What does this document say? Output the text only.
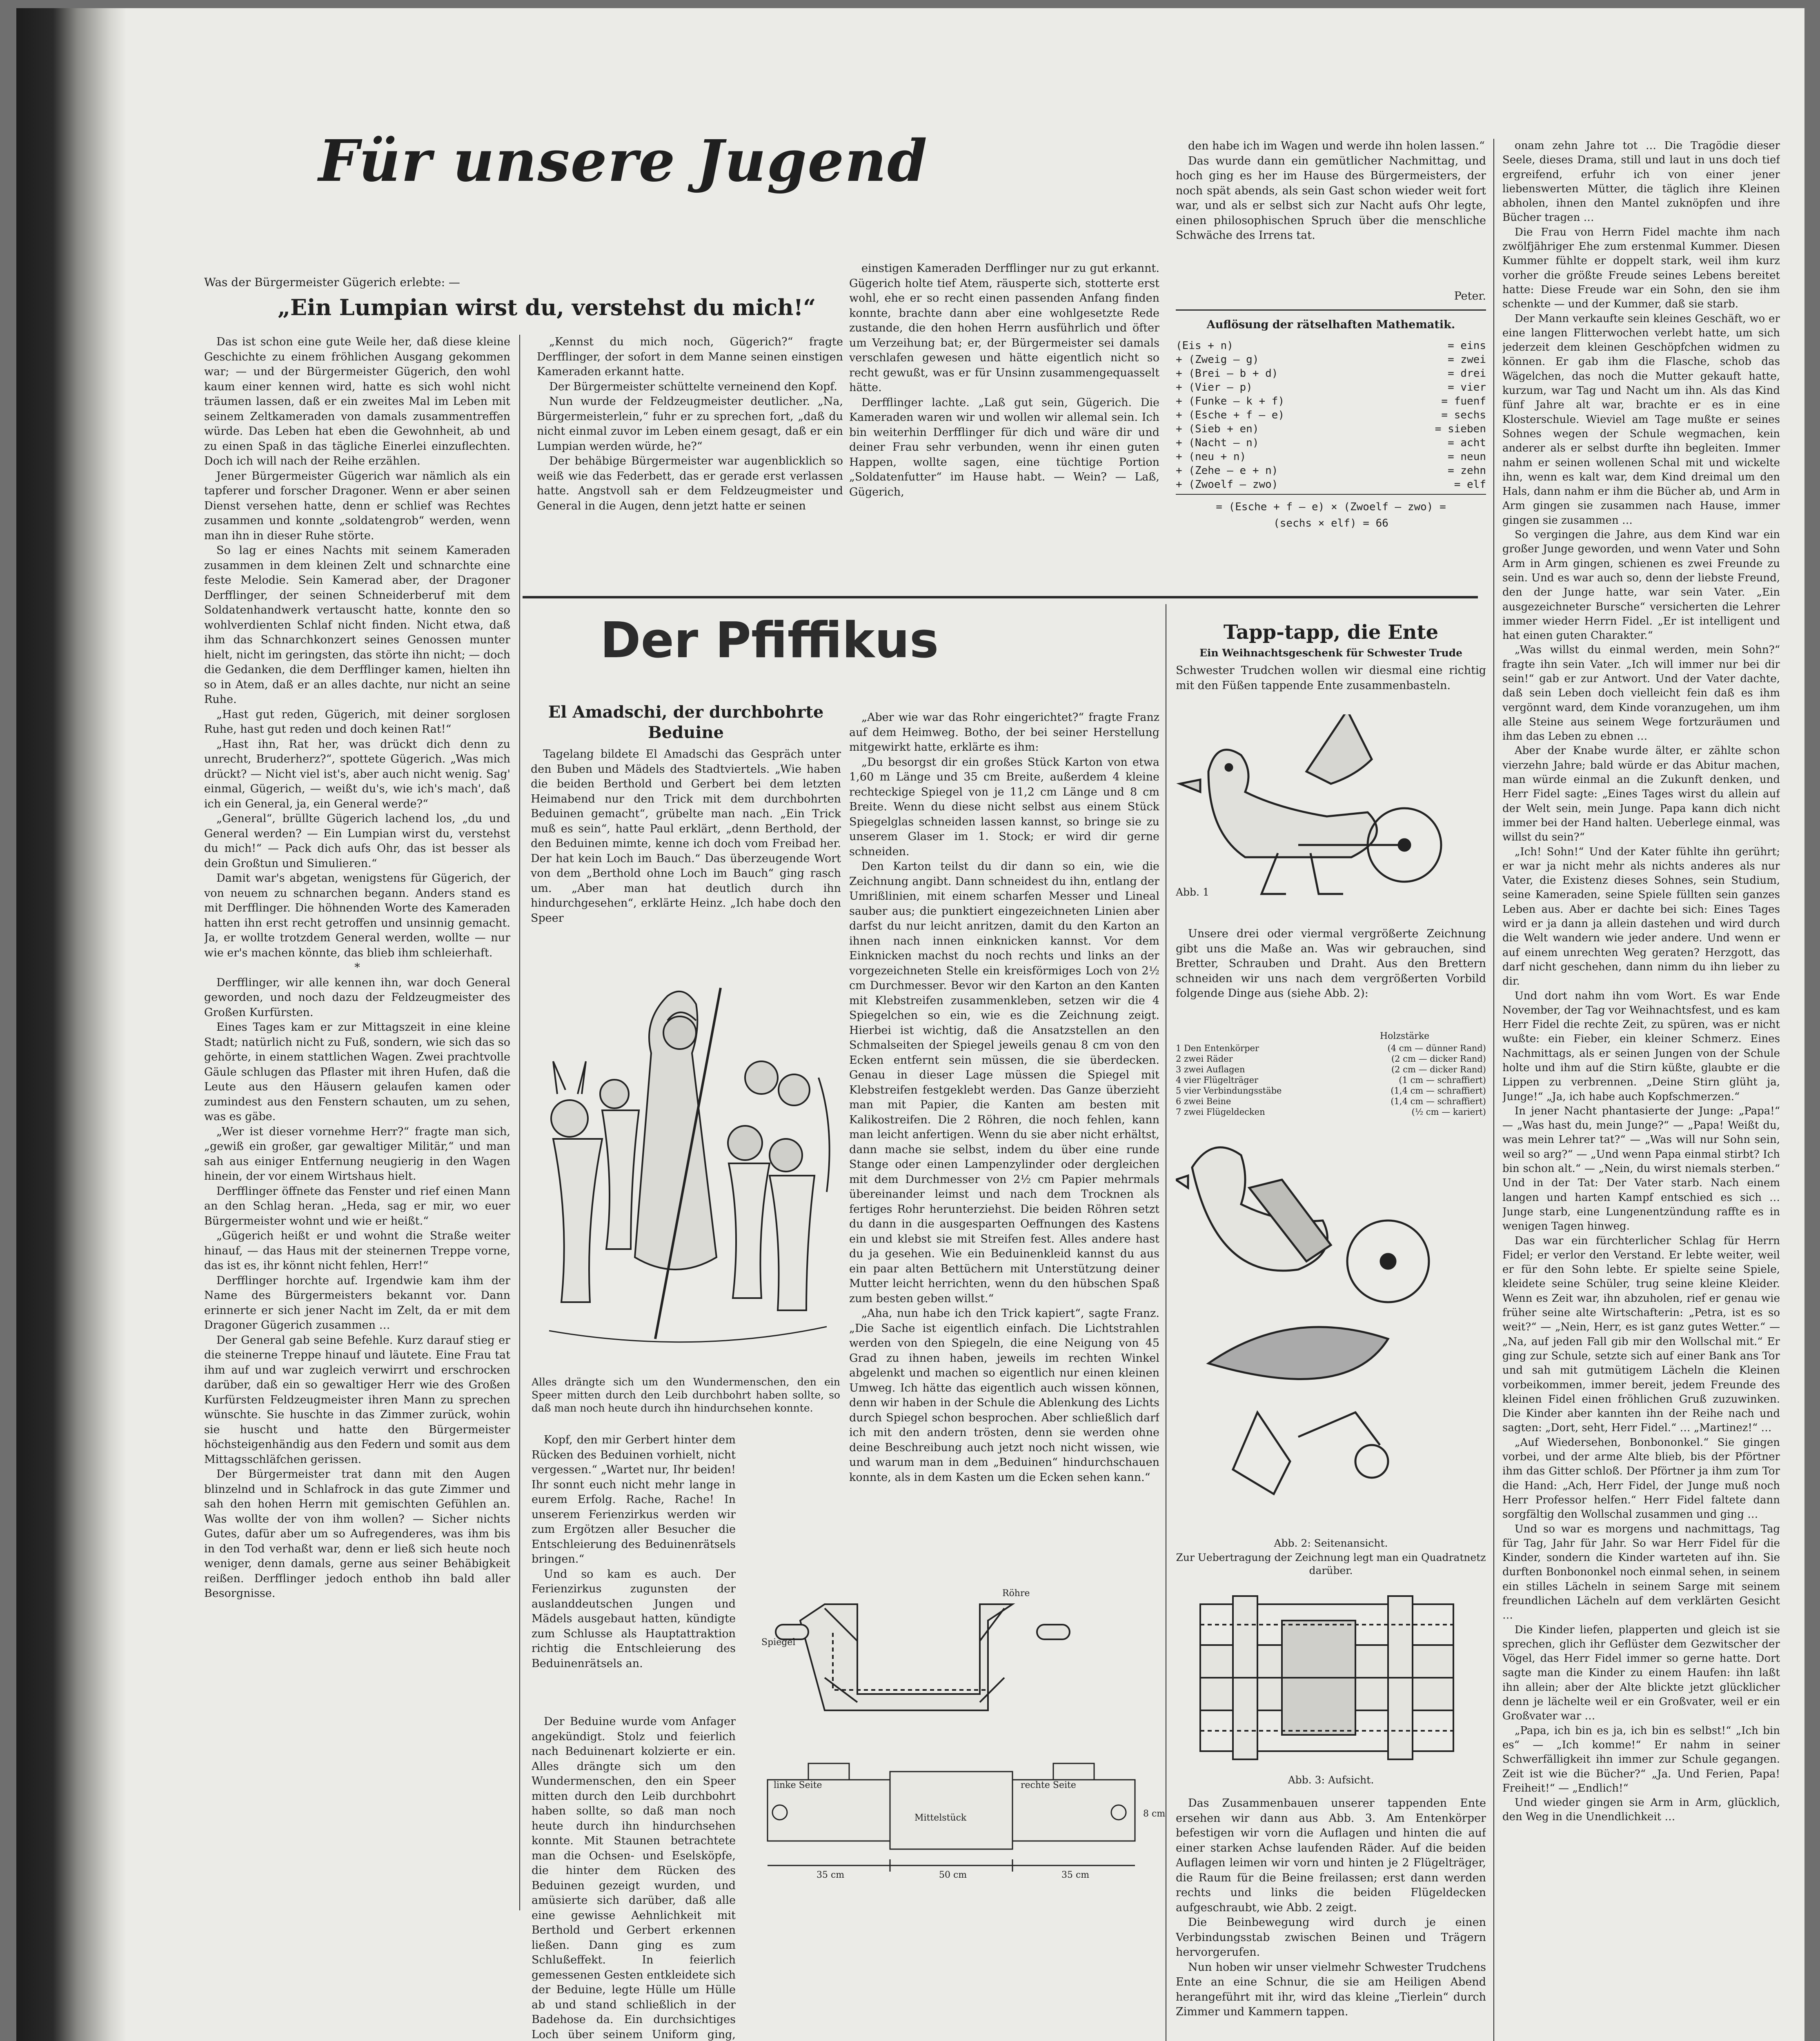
Für unsere Jugend
Was der Bürgermeister Gügerich erlebte: —
„Ein Lumpian wirst du, verstehst du mich!“

Das ist schon eine gute Weile her, daß diese kleine Geschichte zu einem fröhlichen Ausgang gekommen war; — und der Bürgermeister Gügerich, den wohl kaum einer kennen wird, hatte es sich wohl nicht träumen lassen, daß er ein zweites Mal im Leben mit seinem Zeltkameraden von damals zusammentreffen würde. Das Leben hat eben die Gewohnheit, ab und zu einen Spaß in das tägliche Einerlei einzuflechten. Doch ich will nach der Reihe erzählen.

Jener Bürgermeister Gügerich war nämlich als ein tapferer und forscher Dragoner. Wenn er aber seinen Dienst versehen hatte, denn er schlief was Rechtes zusammen und konnte „soldatengrob“ werden, wenn man ihn in dieser Ruhe störte.

So lag er eines Nachts mit seinem Kameraden zusammen in dem kleinen Zelt und schnarchte eine feste Melodie. Sein Kamerad aber, der Dragoner Derfflinger, der seinen Schneiderberuf mit dem Soldatenhandwerk vertauscht hatte, konnte den so wohlverdienten Schlaf nicht finden. Nicht etwa, daß ihm das Schnarchkonzert seines Genossen munter hielt, nicht im geringsten, das störte ihn nicht; — doch die Gedanken, die dem Derfflinger kamen, hielten ihn so in Atem, daß er an alles dachte, nur nicht an seine Ruhe.

„Hast gut reden, Gügerich, mit deiner sorglosen Ruhe, hast gut reden und doch keinen Rat!“

„Hast ihn, Rat her, was drückt dich denn zu unrecht, Bruderherz?“, spottete Gügerich. „Was mich drückt? — Nicht viel ist's, aber auch nicht wenig. Sag' einmal, Gügerich, — weißt du's, wie ich's mach', daß ich ein General, ja, ein General werde?“

„General“, brüllte Gügerich lachend los, „du und General werden? — Ein Lumpian wirst du, verstehst du mich!“ — Pack dich aufs Ohr, das ist besser als dein Großtun und Simulieren.“

Damit war's abgetan, wenigstens für Gügerich, der von neuem zu schnarchen begann. Anders stand es mit Derfflinger. Die höhnenden Worte des Kameraden hatten ihn erst recht getroffen und unsinnig gemacht. Ja, er wollte trotzdem General werden, wollte — nur wie er's machen könnte, das blieb ihm schleierhaft.

*

Derfflinger, wir alle kennen ihn, war doch General geworden, und noch dazu der Feldzeugmeister des Großen Kurfürsten.

Eines Tages kam er zur Mittagszeit in eine kleine Stadt; natürlich nicht zu Fuß, sondern, wie sich das so gehörte, in einem stattlichen Wagen. Zwei prachtvolle Gäule schlugen das Pflaster mit ihren Hufen, daß die Leute aus den Häusern gelaufen kamen oder zumindest aus den Fenstern schauten, um zu sehen, was es gäbe.

„Wer ist dieser vornehme Herr?“ fragte man sich, „gewiß ein großer, gar gewaltiger Militär,“ und man sah aus einiger Entfernung neugierig in den Wagen hinein, der vor einem Wirtshaus hielt.

Derfflinger öffnete das Fenster und rief einen Mann an den Schlag heran. „Heda, sag er mir, wo euer Bürgermeister wohnt und wie er heißt.“

„Gügerich heißt er und wohnt die Straße weiter hinauf, — das Haus mit der steinernen Treppe vorne, das ist es, ihr könnt nicht fehlen, Herr!“

Derfflinger horchte auf. Irgendwie kam ihm der Name des Bürgermeisters bekannt vor. Dann erinnerte er sich jener Nacht im Zelt, da er mit dem Dragoner Gügerich zusammen …

Der General gab seine Befehle. Kurz darauf stieg er die steinerne Treppe hinauf und läutete. Eine Frau tat ihm auf und war zugleich verwirrt und erschrocken darüber, daß ein so gewaltiger Herr wie des Großen Kurfürsten Feldzeugmeister ihren Mann zu sprechen wünschte. Sie huschte in das Zimmer zurück, wohin sie huscht und hatte den Bürgermeister höchsteigenhändig aus den Federn und somit aus dem Mittagsschläfchen gerissen.

Der Bürgermeister trat dann mit den Augen blinzelnd und in Schlafrock in das gute Zimmer und sah den hohen Herrn mit gemischten Gefühlen an. Was wollte der von ihm wollen? — Sicher nichts Gutes, dafür aber um so Aufregenderes, was ihm bis in den Tod verhaßt war, denn er ließ sich heute noch weniger, denn damals, gerne aus seiner Behäbigkeit reißen. Derfflinger jedoch enthob ihn bald aller Besorgnisse.

„Kennst du mich noch, Gügerich?“ fragte Derfflinger, der sofort in dem Manne seinen einstigen Kameraden erkannt hatte.

Der Bürgermeister schüttelte verneinend den Kopf.

Nun wurde der Feldzeugmeister deutlicher. „Na, Bürgermeisterlein,“ fuhr er zu sprechen fort, „daß du nicht einmal zuvor im Leben einem gesagt, daß er ein Lumpian werden würde, he?“

Der behäbige Bürgermeister war augenblicklich so weiß wie das Federbett, das er gerade erst verlassen hatte. Angstvoll sah er dem Feldzeugmeister und General in die Augen, denn jetzt hatte er seinen

einstigen Kameraden Derfflinger nur zu gut erkannt. Gügerich holte tief Atem, räusperte sich, stotterte erst wohl, ehe er so recht einen passenden Anfang finden konnte, brachte dann aber eine wohlgesetzte Rede zustande, die den hohen Herrn ausführlich und öfter um Verzeihung bat; er, der Bürgermeister sei damals verschlafen gewesen und hätte eigentlich nicht so recht gewußt, was er für Unsinn zusammengequasselt hätte.

Derfflinger lachte. „Laß gut sein, Gügerich. Die Kameraden waren wir und wollen wir allemal sein. Ich bin weiterhin Derfflinger für dich und wäre dir und deiner Frau sehr verbunden, wenn ihr einen guten Happen, wollte sagen, eine tüchtige Portion „Soldatenfutter“ im Hause habt. — Wein? — Laß, Gügerich,

den habe ich im Wagen und werde ihn holen lassen.“

Das wurde dann ein gemütlicher Nachmittag, und hoch ging es her im Hause des Bürgermeisters, der noch spät abends, als sein Gast schon wieder weit fort war, und als er selbst sich zur Nacht aufs Ohr legte, einen philosophischen Spruch über die menschliche Schwäche des Irrens tat.

Peter.
Auflösung der rätselhaften Mathematik.
(Eis + n)	= eins
+ (Zweig — g)	= zwei
+ (Brei — b + d)	= drei
+ (Vier — p)	= vier
+ (Funke — k + f)	= fuenf
+ (Esche + f — e)	= sechs
+ (Sieb + en)	= sieben
+ (Nacht — n)	= acht
+ (neu + n)	= neun
+ (Zehe — e + n)	= zehn
+ (Zwoelf — zwo)	= elf
= (Esche + f — e) × (Zwoelf — zwo) =
(sechs × elf) = 66

onam zehn Jahre tot … Die Tragödie dieser Seele, dieses Drama, still und laut in uns doch tief ergreifend, erfuhr ich von einer jener liebenswerten Mütter, die täglich ihre Kleinen abholen, ihnen den Mantel zuknöpfen und ihre Bücher tragen …

Die Frau von Herrn Fidel machte ihm nach zwölfjähriger Ehe zum erstenmal Kummer. Diesen Kummer fühlte er doppelt stark, weil ihm kurz vorher die größte Freude seines Lebens bereitet hatte: Diese Freude war ein Sohn, den sie ihm schenkte — und der Kummer, daß sie starb.

Der Mann verkaufte sein kleines Geschäft, wo er eine langen Flitterwochen verlebt hatte, um sich jederzeit dem kleinen Geschöpfchen widmen zu können. Er gab ihm die Flasche, schob das Wägelchen, das noch die Mutter gekauft hatte, kurzum, war Tag und Nacht um ihn. Als das Kind fünf Jahre alt war, brachte er es in eine Klosterschule. Wieviel am Tage mußte er seines Sohnes wegen der Schule wegmachen, kein anderer als er selbst durfte ihn begleiten. Immer nahm er seinen wollenen Schal mit und wickelte ihn, wenn es kalt war, dem Kind dreimal um den Hals, dann nahm er ihm die Bücher ab, und Arm in Arm gingen sie zusammen nach Hause, immer gingen sie zusammen …

So vergingen die Jahre, aus dem Kind war ein großer Junge geworden, und wenn Vater und Sohn Arm in Arm gingen, schienen es zwei Freunde zu sein. Und es war auch so, denn der liebste Freund, den der Junge hatte, war sein Vater. „Ein ausgezeichneter Bursche“ versicherten die Lehrer immer wieder Herrn Fidel. „Er ist intelligent und hat einen guten Charakter.“

„Was willst du einmal werden, mein Sohn?“ fragte ihn sein Vater. „Ich will immer nur bei dir sein!“ gab er zur Antwort. Und der Vater dachte, daß sein Leben doch vielleicht fein daß es ihm vergönnt ward, dem Kinde voranzugehen, um ihm alle Steine aus seinem Wege fortzuräumen und ihm das Leben zu ebnen …

Aber der Knabe wurde älter, er zählte schon vierzehn Jahre; bald würde er das Abitur machen, man würde einmal an die Zukunft denken, und Herr Fidel sagte: „Eines Tages wirst du allein auf der Welt sein, mein Junge. Papa kann dich nicht immer bei der Hand halten. Ueberlege einmal, was willst du sein?“

„Ich! Sohn!“ Und der Kater fühlte ihn gerührt; er war ja nicht mehr als nichts anderes als nur Vater, die Existenz dieses Sohnes, sein Studium, seine Kameraden, seine Spiele füllten sein ganzes Leben aus. Aber er dachte bei sich: Eines Tages wird er ja dann ja allein dastehen und wird durch die Welt wandern wie jeder andere. Und wenn er auf einem unrechten Weg geraten? Herzgott, das darf nicht geschehen, dann nimm du ihn lieber zu dir.

Und dort nahm ihn vom Wort. Es war Ende November, der Tag vor Weihnachtsfest, und es kam Herr Fidel die rechte Zeit, zu spüren, was er nicht wußte: ein Fieber, ein kleiner Schmerz. Eines Nachmittags, als er seinen Jungen von der Schule holte und ihm auf die Stirn küßte, glaubte er die Lippen zu verbrennen. „Deine Stirn glüht ja, Junge!“ „Ja, ich habe auch Kopfschmerzen.“

In jener Nacht phantasierte der Junge: „Papa!“ — „Was hast du, mein Junge?“ — „Papa! Weißt du, was mein Lehrer tat?“ — „Was will nur Sohn sein, weil so arg?“ — „Und wenn Papa einmal stirbt? Ich bin schon alt.“ — „Nein, du wirst niemals sterben.“ Und in der Tat: Der Vater starb. Nach einem langen und harten Kampf entschied es sich … Junge starb, eine Lungenentzündung raffte es in wenigen Tagen hinweg.

Das war ein fürchterlicher Schlag für Herrn Fidel; er verlor den Verstand. Er lebte weiter, weil er für den Sohn lebte. Er spielte seine Spiele, kleidete seine Schüler, trug seine kleine Kleider. Wenn es Zeit war, ihn abzuholen, rief er genau wie früher seine alte Wirtschafterin: „Petra, ist es so weit?“ — „Nein, Herr, es ist ganz gutes Wetter.“ — „Na, auf jeden Fall gib mir den Wollschal mit.“ Er ging zur Schule, setzte sich auf einer Bank ans Tor und sah mit gutmütigem Lächeln die Kleinen vorbeikommen, immer bereit, jedem Freunde des kleinen Fidel einen fröhlichen Gruß zuzuwinken. Die Kinder aber kannten ihn der Reihe nach und sagten: „Dort, seht, Herr Fidel.“ … „Martinez!“ …

„Auf Wiedersehen, Bonbononkel.“ Sie gingen vorbei, und der arme Alte blieb, bis der Pförtner ihm das Gitter schloß. Der Pförtner ja ihm zum Tor die Hand: „Ach, Herr Fidel, der Junge muß noch Herr Professor helfen.“ Herr Fidel faltete dann sorgfältig den Wollschal zusammen und ging …

Und so war es morgens und nachmittags, Tag für Tag, Jahr für Jahr. So war Herr Fidel für die Kinder, sondern die Kinder warteten auf ihn. Sie durften Bonbononkel noch einmal sehen, in seinem ein stilles Lächeln in seinem Sarge mit seinem freundlichen Lächeln auf dem verklärten Gesicht …

Die Kinder liefen, plapperten und gleich ist sie sprechen, glich ihr Geflüster dem Gezwitscher der Vögel, das Herr Fidel immer so gerne hatte. Dort sagte man die Kinder zu einem Haufen: ihn laßt ihn allein; aber der Alte blickte jetzt glücklicher denn je lächelte weil er ein Großvater, weil er ein Großvater war …

„Papa, ich bin es ja, ich bin es selbst!“ „Ich bin es“ — „Ich komme!“ Er nahm in seiner Schwerfälligkeit ihn immer zur Schule gegangen. Zeit ist wie die Bücher?“ „Ja. Und Ferien, Papa! Freiheit!“ — „Endlich!“

Und wieder gingen sie Arm in Arm, glücklich, den Weg in die Unendlichkeit …

Der Pfiffikus
El Amadschi, der durchbohrte Beduine

Tagelang bildete El Amadschi das Gespräch unter den Buben und Mädels des Stadtviertels. „Wie haben die beiden Berthold und Gerbert bei dem letzten Heimabend nur den Trick mit dem durchbohrten Beduinen gemacht“, grübelte man nach. „Ein Trick muß es sein“, hatte Paul erklärt, „denn Berthold, der den Beduinen mimte, kenne ich doch vom Freibad her. Der hat kein Loch im Bauch.“ Das überzeugende Wort von dem „Berthold ohne Loch im Bauch“ ging rasch um. „Aber man hat deutlich durch ihn hindurchgesehen“, erklärte Heinz. „Ich habe doch den Speer

Alles drängte sich um den Wundermenschen, den ein Speer mitten durch den Leib durchbohrt haben sollte, so daß man noch heute durch ihn hindurchsehen konnte.

Kopf, den mir Gerbert hinter dem Rücken des Beduinen vorhielt, nicht vergessen.“ „Wartet nur, Ihr beiden! Ihr sonnt euch nicht mehr lange in eurem Erfolg. Rache, Rache! In unserem Ferienzirkus werden wir zum Ergötzen aller Besucher die Entschleierung des Beduinenrätsels bringen.“

Und so kam es auch. Der Ferienzirkus zugunsten der auslanddeutschen Jungen und Mädels ausgebaut hatten, kündigte zum Schlusse als Hauptattraktion richtig die Entschleierung des Beduinenrätsels an.

Der Beduine wurde vom Anfager angekündigt. Stolz und feierlich nach Beduinenart kolzierte er ein. Alles drängte sich um den Wundermenschen, den ein Speer mitten durch den Leib durchbohrt haben sollte, so daß man noch heute durch ihn hindurchsehen konnte. Mit Staunen betrachtete man die Ochsen- und Eselsköpfe, die hinter dem Rücken des Beduinen gezeigt wurden, und amüsierte sich darüber, daß alle eine gewisse Aehnlichkeit mit Berthold und Gerbert erkennen ließen. Dann ging es zum Schlußeffekt. In feierlich gemessenen Gesten entkleidete sich der Beduine, legte Hülle um Hülle ab und stand schließlich in der Badehose da. Ein durchsichtiges Loch über seinem Uniform ging,

„Aber wie war das Rohr eingerichtet?“ fragte Franz auf dem Heimweg. Botho, der bei seiner Herstellung mitgewirkt hatte, erklärte es ihm:

„Du besorgst dir ein großes Stück Karton von etwa 1,60 m Länge und 35 cm Breite, außerdem 4 kleine rechteckige Spiegel von je 11,2 cm Länge und 8 cm Breite. Wenn du diese nicht selbst aus einem Stück Spiegelglas schneiden lassen kannst, so bringe sie zu unserem Glaser im 1. Stock; er wird dir gerne schneiden.

Den Karton teilst du dir dann so ein, wie die Zeichnung angibt. Dann schneidest du ihn, entlang der Umrißlinien, mit einem scharfen Messer und Lineal sauber aus; die punktiert eingezeichneten Linien aber darfst du nur leicht anritzen, damit du den Karton an ihnen nach innen einknicken kannst. Vor dem Einknicken machst du noch rechts und links an der vorgezeichneten Stelle ein kreisförmiges Loch von 2½ cm Durchmesser. Bevor wir den Karton an den Kanten mit Klebstreifen zusammenkleben, setzen wir die 4 Spiegelchen so ein, wie es die Zeichnung zeigt. Hierbei ist wichtig, daß die Ansatzstellen an den Schmalseiten der Spiegel jeweils genau 8 cm von den Ecken entfernt sein müssen, die sie überdecken. Genau in dieser Lage müssen die Spiegel mit Klebstreifen festgeklebt werden. Das Ganze überzieht man mit Papier, die Kanten am besten mit Kalikostreifen. Die 2 Röhren, die noch fehlen, kann man leicht anfertigen. Wenn du sie aber nicht erhältst, dann mache sie selbst, indem du über eine runde Stange oder einen Lampenzylinder oder dergleichen mit dem Durchmesser von 2½ cm Papier mehrmals übereinander leimst und nach dem Trocknen als fertiges Rohr herunterziehst. Die beiden Röhren setzt du dann in die ausgesparten Oeffnungen des Kastens ein und klebst sie mit Streifen fest. Alles andere hast du ja gesehen. Wie ein Beduinenkleid kannst du aus ein paar alten Bettüchern mit Unterstützung deiner Mutter leicht herrichten, wenn du den hübschen Spaß zum besten geben willst.“

„Aha, nun habe ich den Trick kapiert“, sagte Franz. „Die Sache ist eigentlich einfach. Die Lichtstrahlen werden von den Spiegeln, die eine Neigung von 45 Grad zu ihnen haben, jeweils im rechten Winkel abgelenkt und machen so eigentlich nur einen kleinen Umweg. Ich hätte das eigentlich auch wissen können, denn wir haben in der Schule die Ablenkung des Lichts durch Spiegel schon besprochen. Aber schließlich darf ich mit den andern trösten, denn sie werden ohne deine Beschreibung auch jetzt noch nicht wissen, wie und warum man in dem „Beduinen“ hindurchschauen konnte, als in dem Kasten um die Ecken sehen kann.“

Röhre
Spiegel
linke Seite
Mittelstück
rechte Seite
8 cm
35 cm	50 cm	35 cm
Tapp-tapp, die Ente
Ein Weihnachtsgeschenk für Schwester Trude
Schwester Trudchen wollen wir diesmal eine richtig mit den Füßen tappende Ente zusammenbasteln.
Abb. 1

Unsere drei oder viermal vergrößerte Zeichnung gibt uns die Maße an. Was wir gebrauchen, sind Bretter, Schrauben und Draht. Aus den Brettern schneiden wir uns nach dem vergrößerten Vorbild folgende Dinge aus (siehe Abb. 2):

Holzstärke
1 Den Entenkörper	(4 cm — dünner Rand)
2 zwei Räder	(2 cm — dicker Rand)
3 zwei Auflagen	(2 cm — dicker Rand)
4 vier Flügelträger	(1 cm — schraffiert)
5 vier Verbindungsstäbe	(1,4 cm — schraffiert)
6 zwei Beine	(1,4 cm — schraffiert)
7 zwei Flügeldecken	(½ cm — kariert)
Abb. 2: Seitenansicht.
Zur Uebertragung der Zeichnung legt man ein Quadratnetz darüber.
Abb. 3: Aufsicht.

Das Zusammenbauen unserer tappenden Ente ersehen wir dann aus Abb. 3. Am Entenkörper befestigen wir vorn die Auflagen und hinten die auf einer starken Achse laufenden Räder. Auf die beiden Auflagen leimen wir vorn und hinten je 2 Flügelträger, die Raum für die Beine freilassen; erst dann werden rechts und links die beiden Flügeldecken aufgeschraubt, wie Abb. 2 zeigt.

Die Beinbewegung wird durch je einen Verbindungsstab zwischen Beinen und Trägern hervorgerufen.

Nun hoben wir unser vielmehr Schwester Trudchens Ente an eine Schnur, die sie am Heiligen Abend herangeführt mit ihr, wird das kleine „Tierlein“ durch Zimmer und Kammern tappen.
